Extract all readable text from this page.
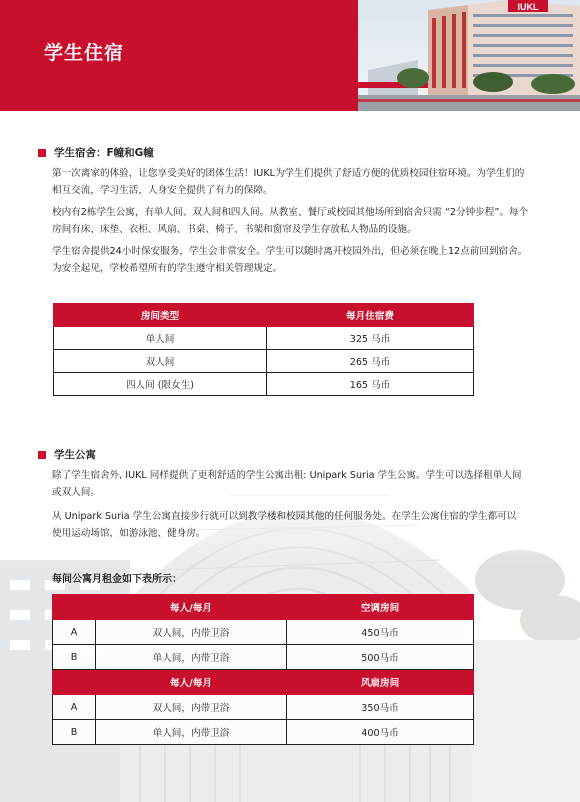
学生住宿
IUKL
学生宿舍：F幢和G幢
第一次离家的体验，让您享受美好的团体生活！IUKL为学生们提供了舒适方便的优质校园住宿环境。为学生们的
相互交流，学习生活，人身安全提供了有力的保障。
校内有2栋学生公寓，有单人间、双人间和四人间。从教室、餐厅或校园其他场所到宿舍只需 “2分钟步程”。每个
房间有床、床垫、衣柜、风扇、书桌、椅子、书架和窗帘及学生存放私人物品的设施。
学生宿舍提供24小时保安服务，学生会非常安全。学生可以随时离开校园外出，但必须在晚上12点前回到宿舍。
为安全起见，学校希望所有的学生遵守相关管理规定。
房间类型	每月住宿费
单人间	325 马币
双人间	265 马币
四人间 (限女生)	165 马币
学生公寓
除了学生宿舍外, IUKL 同样提供了更利舒适的学生公寓出租: Unipark Suria 学生公寓。学生可以选择租单人间
或双人间。
从 Unipark Suria 学生公寓直接步行就可以到教学楼和校园其他的任何服务处。在学生公寓住宿的学生都可以
使用运动场馆，如游泳池、健身房。
每间公寓月租金如下表所示：
	每人/每月	空调房间
A	双人间，内带卫浴	450马币
B	单人间，内带卫浴	500马币
	每人/每月	风扇房间
A	双人间，内带卫浴	350马币
B	单人间，内带卫浴	400马币
